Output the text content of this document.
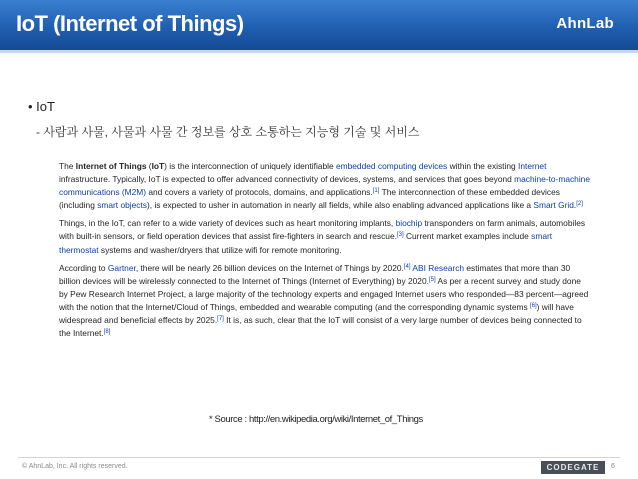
IoT (Internet of Things)	AhnLab
• IoT
- 사람과 사물, 사물과 사물 간 정보를 상호 소통하는 지능형 기술 및 서비스

The Internet of Things (IoT) is the interconnection of uniquely identifiable embedded computing devices within the existing Internet infrastructure. Typically, IoT is expected to offer advanced connectivity of devices, systems, and services that goes beyond machine-to-machine communications (M2M) and covers a variety of protocols, domains, and applications.[1] The interconnection of these embedded devices (including smart objects), is expected to usher in automation in nearly all fields, while also enabling advanced applications like a Smart Grid.[2]

Things, in the IoT, can refer to a wide variety of devices such as heart monitoring implants, biochip transponders on farm animals, automobiles with built-in sensors, or field operation devices that assist fire-fighters in search and rescue.[3] Current market examples include smart thermostat systems and washer/dryers that utilize wifi for remote monitoring.

According to Gartner, there will be nearly 26 billion devices on the Internet of Things by 2020.[4] ABI Research estimates that more than 30 billion devices will be wirelessly connected to the Internet of Things (Internet of Everything) by 2020.[5] As per a recent survey and study done by Pew Research Internet Project, a large majority of the technology experts and engaged Internet users who responded—83 percent—agreed with the notion that the Internet/Cloud of Things, embedded and wearable computing (and the corresponding dynamic systems [6]) will have widespread and beneficial effects by 2025.[7] It is, as such, clear that the IoT will consist of a very large number of devices being connected to the Internet.[8]

* Source : http://en.wikipedia.org/wiki/Internet_of_Things
© AhnLab, Inc. All rights reserved.	CODEGATE	6
